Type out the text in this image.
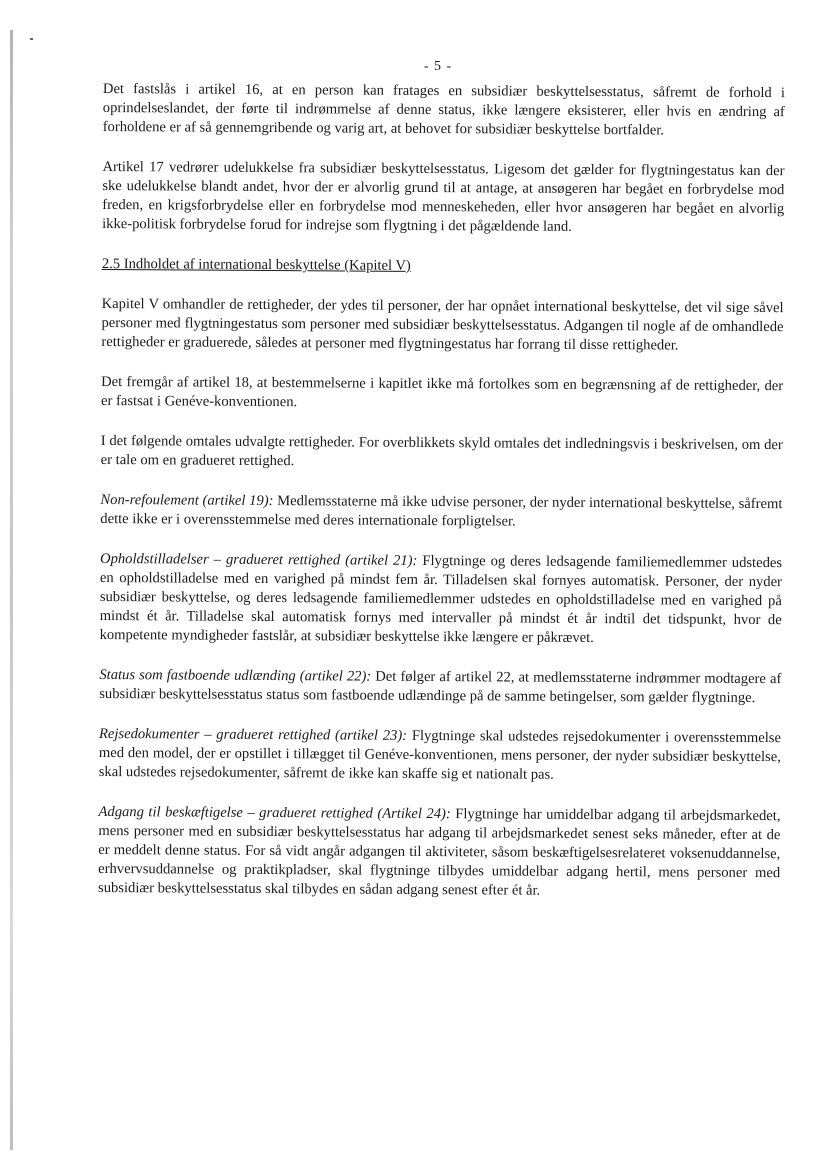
- 5 -

Det fastslås i artikel 16, at en person kan fratages en subsidiær beskyttelsesstatus, såfremt de forhold i oprindelseslandet, der førte til indrømmelse af denne status, ikke længere eksisterer, eller hvis en ændring af forholdene er af så gennemgribende og varig art, at behovet for subsidiær beskyttelse bortfalder.

Artikel 17 vedrører udelukkelse fra subsidiær beskyttelsesstatus. Ligesom det gælder for flygtningestatus kan der ske udelukkelse blandt andet, hvor der er alvorlig grund til at antage, at ansøgeren har begået en forbrydelse mod freden, en krigsforbrydelse eller en forbrydelse mod menneskeheden, eller hvor ansøgeren har begået en alvorlig ikke-politisk forbrydelse forud for indrejse som flygtning i det pågældende land.

2.5 Indholdet af international beskyttelse (Kapitel V)

Kapitel V omhandler de rettigheder, der ydes til personer, der har opnået international beskyttelse, det vil sige såvel personer med flygtningestatus som personer med subsidiær beskyttelsesstatus. Adgangen til nogle af de omhandlede rettigheder er graduerede, således at personer med flygtningestatus har forrang til disse rettigheder.

Det fremgår af artikel 18, at bestemmelserne i kapitlet ikke må fortolkes som en begrænsning af de rettigheder, der er fastsat i Genéve-konventionen.

I det følgende omtales udvalgte rettigheder. For overblikkets skyld omtales det indledningsvis i beskrivelsen, om der er tale om en gradueret rettighed.

Non-refoulement (artikel 19): Medlemsstaterne må ikke udvise personer, der nyder international beskyttelse, såfremt dette ikke er i overensstemmelse med deres internationale forpligtelser.

Opholdstilladelser – gradueret rettighed (artikel 21): Flygtninge og deres ledsagende familiemedlemmer udstedes en opholdstilladelse med en varighed på mindst fem år. Tilladelsen skal fornyes automatisk. Personer, der nyder subsidiær beskyttelse, og deres ledsagende familiemedlemmer udstedes en opholdstilladelse med en varighed på mindst ét år. Tilladelse skal automatisk fornys med intervaller på mindst ét år indtil det tidspunkt, hvor de kompetente myndigheder fastslår, at subsidiær beskyttelse ikke længere er påkrævet.

Status som fastboende udlænding (artikel 22): Det følger af artikel 22, at medlemsstaterne indrømmer modtagere af subsidiær beskyttelsesstatus status som fastboende udlændinge på de samme betingelser, som gælder flygtninge.

Rejsedokumenter – gradueret rettighed (artikel 23): Flygtninge skal udstedes rejsedokumenter i overensstemmelse med den model, der er opstillet i tillægget til Genéve-konventionen, mens personer, der nyder subsidiær beskyttelse, skal udstedes rejsedokumenter, såfremt de ikke kan skaffe sig et nationalt pas.

Adgang til beskæftigelse – gradueret rettighed (Artikel 24): Flygtninge har umiddelbar adgang til arbejdsmarkedet, mens personer med en subsidiær beskyttelsesstatus har adgang til arbejdsmarkedet senest seks måneder, efter at de er meddelt denne status. For så vidt angår adgangen til aktiviteter, såsom beskæftigelsesrelateret voksenuddannelse, erhvervsuddannelse og praktikpladser, skal flygtninge tilbydes umiddelbar adgang hertil, mens personer med subsidiær beskyttelsesstatus skal tilbydes en sådan adgang senest efter ét år.
